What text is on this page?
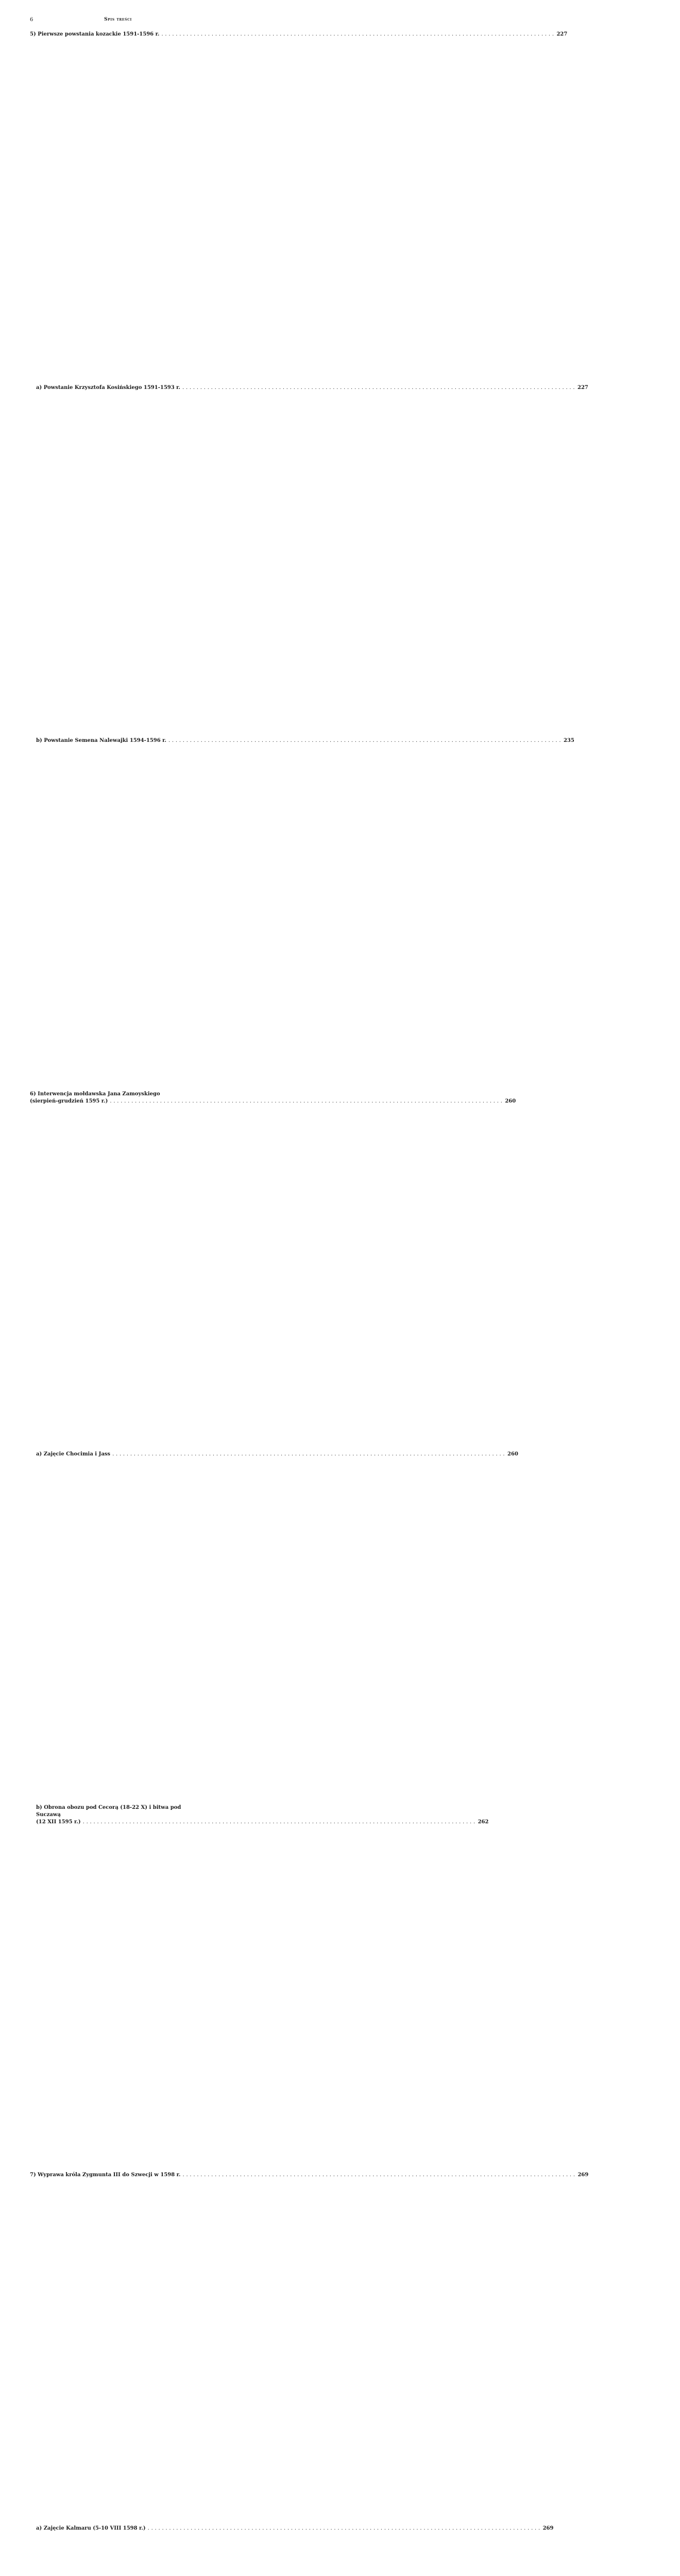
6	Spis treści
5) Pierwsze powstania kozackie 1591-1596 r. . . .	227
a) Powstanie Krzysztofa Kosińskiego 1591-1593 r. . . .	227
b) Powstanie Semena Nalewajki 1594-1596 r. . . .	235
6) Interwencja mołdawska Jana Zamoyskiego
(sierpień-grudzień 1595 r.) . . .	260
a) Zajęcie Chocimia i Jass . . .	260
b) Obrona obozu pod Cecorą (18-22 X) i bitwa pod Suczawą
(12 XII 1595 r.) . . .	262
7) Wyprawa króla Zygmunta III do Szwecji w 1598 r. . . .	269
a) Zajęcie Kalmaru (5-10 VIII 1598 r.) . . .	269
